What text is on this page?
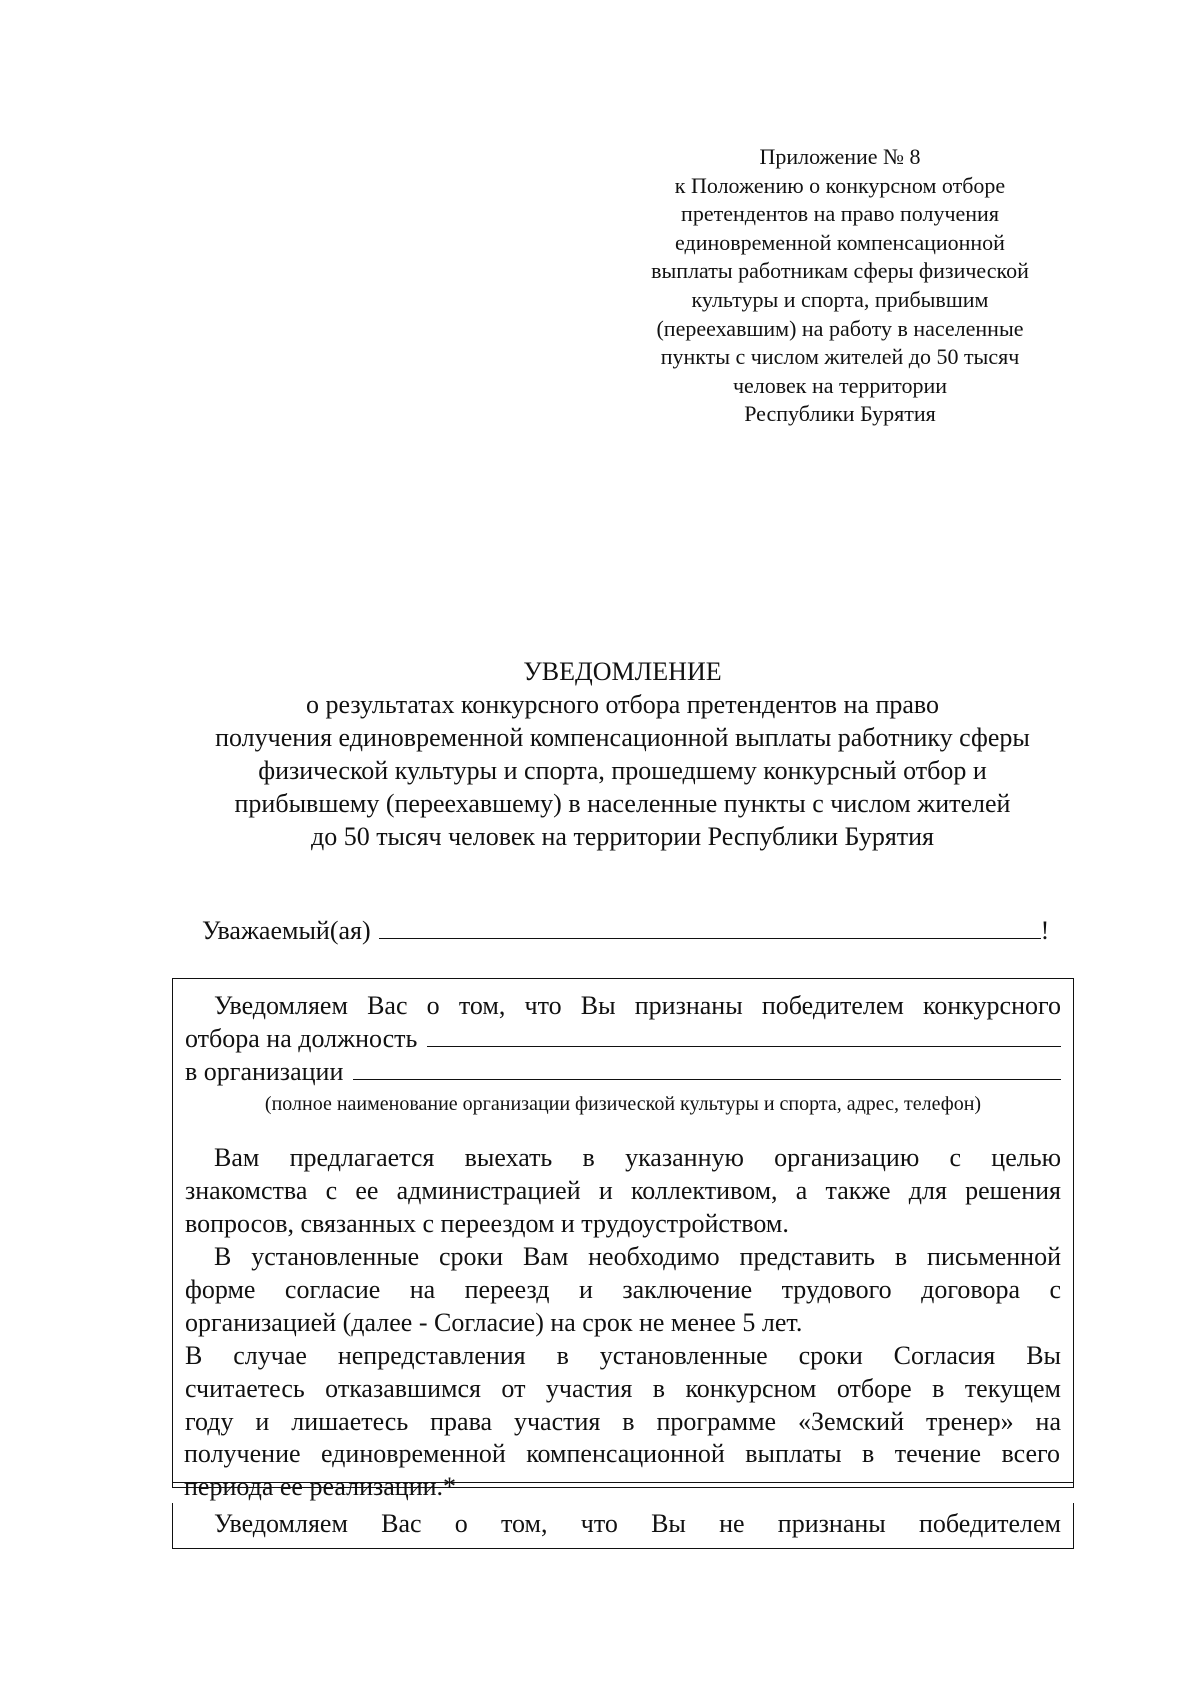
Приложение № 8
к Положению о конкурсном отборе
претендентов на право получения
единовременной компенсационной
выплаты работникам сферы физической
культуры и спорта, прибывшим
(переехавшим) на работу в населенные
пункты с числом жителей до 50 тысяч
человек на территории
Республики Бурятия
УВЕДОМЛЕНИЕ
о результатах конкурсного отбора претендентов на право
получения единовременной компенсационной выплаты работнику сферы
физической культуры и спорта, прошедшему конкурсный отбор и
прибывшему (переехавшему) в населенные пункты с числом жителей
до 50 тысяч человек на территории Республики Бурятия
Уважаемый(ая)	!
Уведомляем Вас о том, что Вы признаны победителем конкурсного
отбора на должность
в организации
(полное наименование организации физической культуры и спорта, адрес, телефон)
Вам предлагается выехать в указанную организацию с целью
знакомства с ее администрацией и коллективом, а также для решения
вопросов, связанных с переездом и трудоустройством.
В установленные сроки Вам необходимо представить в письменной
форме согласие на переезд и заключение трудового договора с
организацией (далее - Согласие) на срок не менее 5 лет.
В случае непредставления в установленные сроки Согласия Вы
считаетесь отказавшимся от участия в конкурсном отборе в текущем
году и лишаетесь права участия в программе «Земский тренер» на
получение единовременной компенсационной выплаты в течение всего
периода ее реализации.*
Уведомляем Вас о том, что Вы не признаны победителем
